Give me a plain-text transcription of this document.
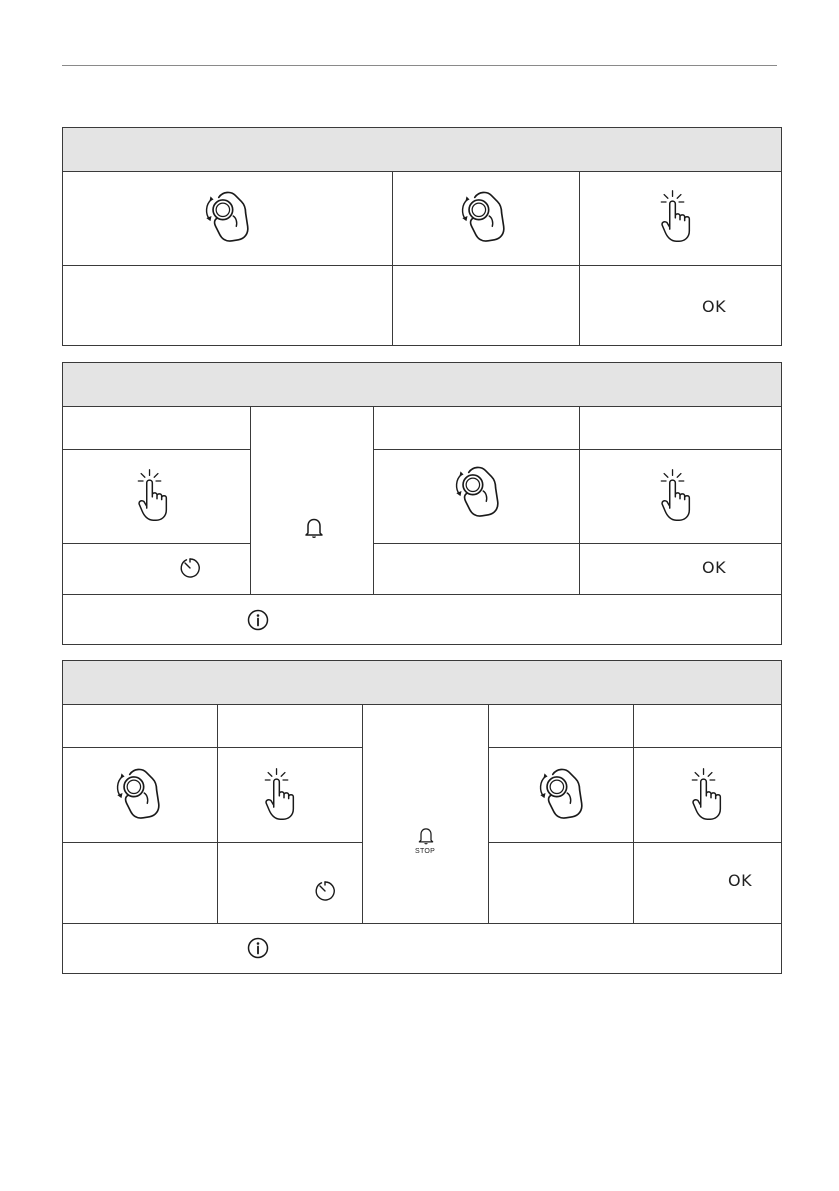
OK
OK
STOP
OK
